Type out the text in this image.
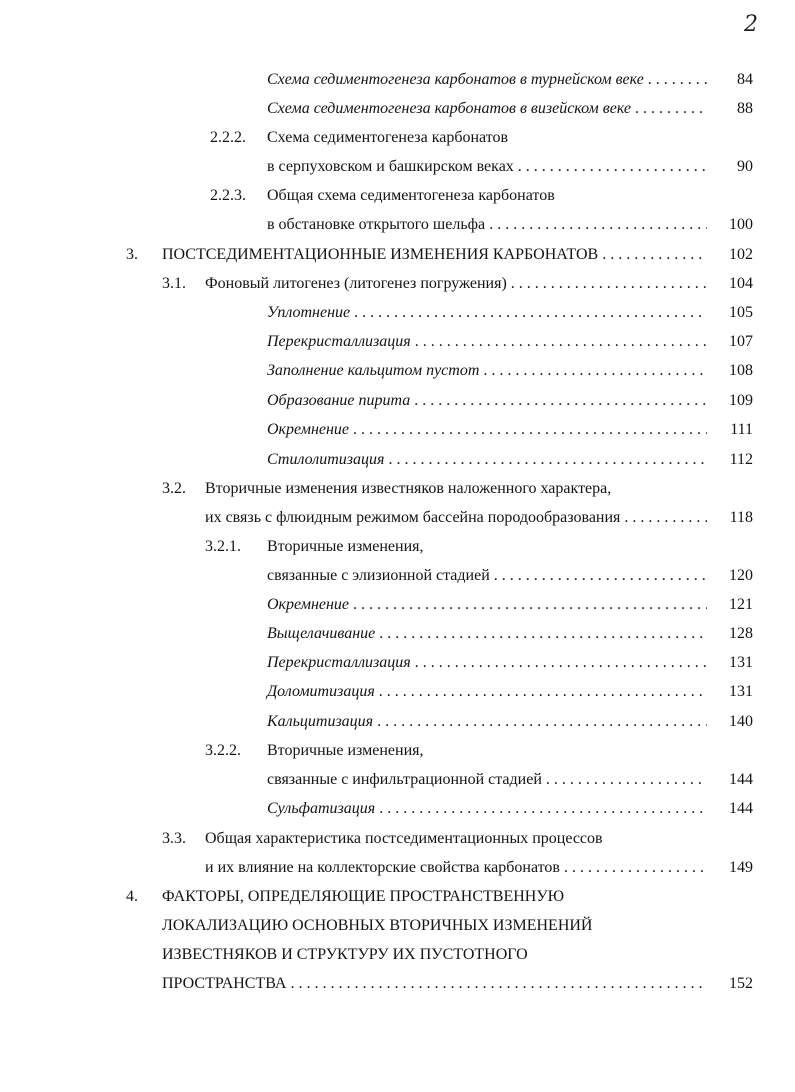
2
Схема седиментогенеза карбонатов в турнейском веке . . .	84
Схема седиментогенеза карбонатов в визейском веке . . .	88
2.2.2. Схема седиментогенеза карбонатов
в серпуховском и башкирском веках . . .	90
2.2.3. Общая схема седиментогенеза карбонатов
в обстановке открытого шельфа . . .	100
3. ПОСТСЕДИМЕНТАЦИОННЫЕ ИЗМЕНЕНИЯ КАРБОНАТОВ . . .	102
3.1. Фоновый литогенез (литогенез погружения) . . .	104
Уплотнение . . .	105
Перекристаллизация . . .	107
Заполнение кальцитом пустот . . .	108
Образование пирита . . .	109
Окремнение . . .	111
Стилолитизация . . .	112
3.2. Вторичные изменения известняков наложенного характера,
их связь с флюидным режимом бассейна породообразования . . .	118
3.2.1. Вторичные изменения,
связанные с элизионной стадией . . .	120
Окремнение . . .	121
Выщелачивание . . .	128
Перекристаллизация . . .	131
Доломитизация . . .	131
Кальцитизация . . .	140
3.2.2. Вторичные изменения,
связанные с инфильтрационной стадией . . .	144
Сульфатизация . . .	144
3.3. Общая характеристика постседиментационных процессов
и их влияние на коллекторские свойства карбонатов . . .	149
4. ФАКТОРЫ, ОПРЕДЕЛЯЮЩИЕ ПРОСТРАНСТВЕННУЮ
ЛОКАЛИЗАЦИЮ ОСНОВНЫХ ВТОРИЧНЫХ ИЗМЕНЕНИЙ
ИЗВЕСТНЯКОВ И СТРУКТУРУ ИХ ПУСТОТНОГО
ПРОСТРАНСТВА . . .	152
